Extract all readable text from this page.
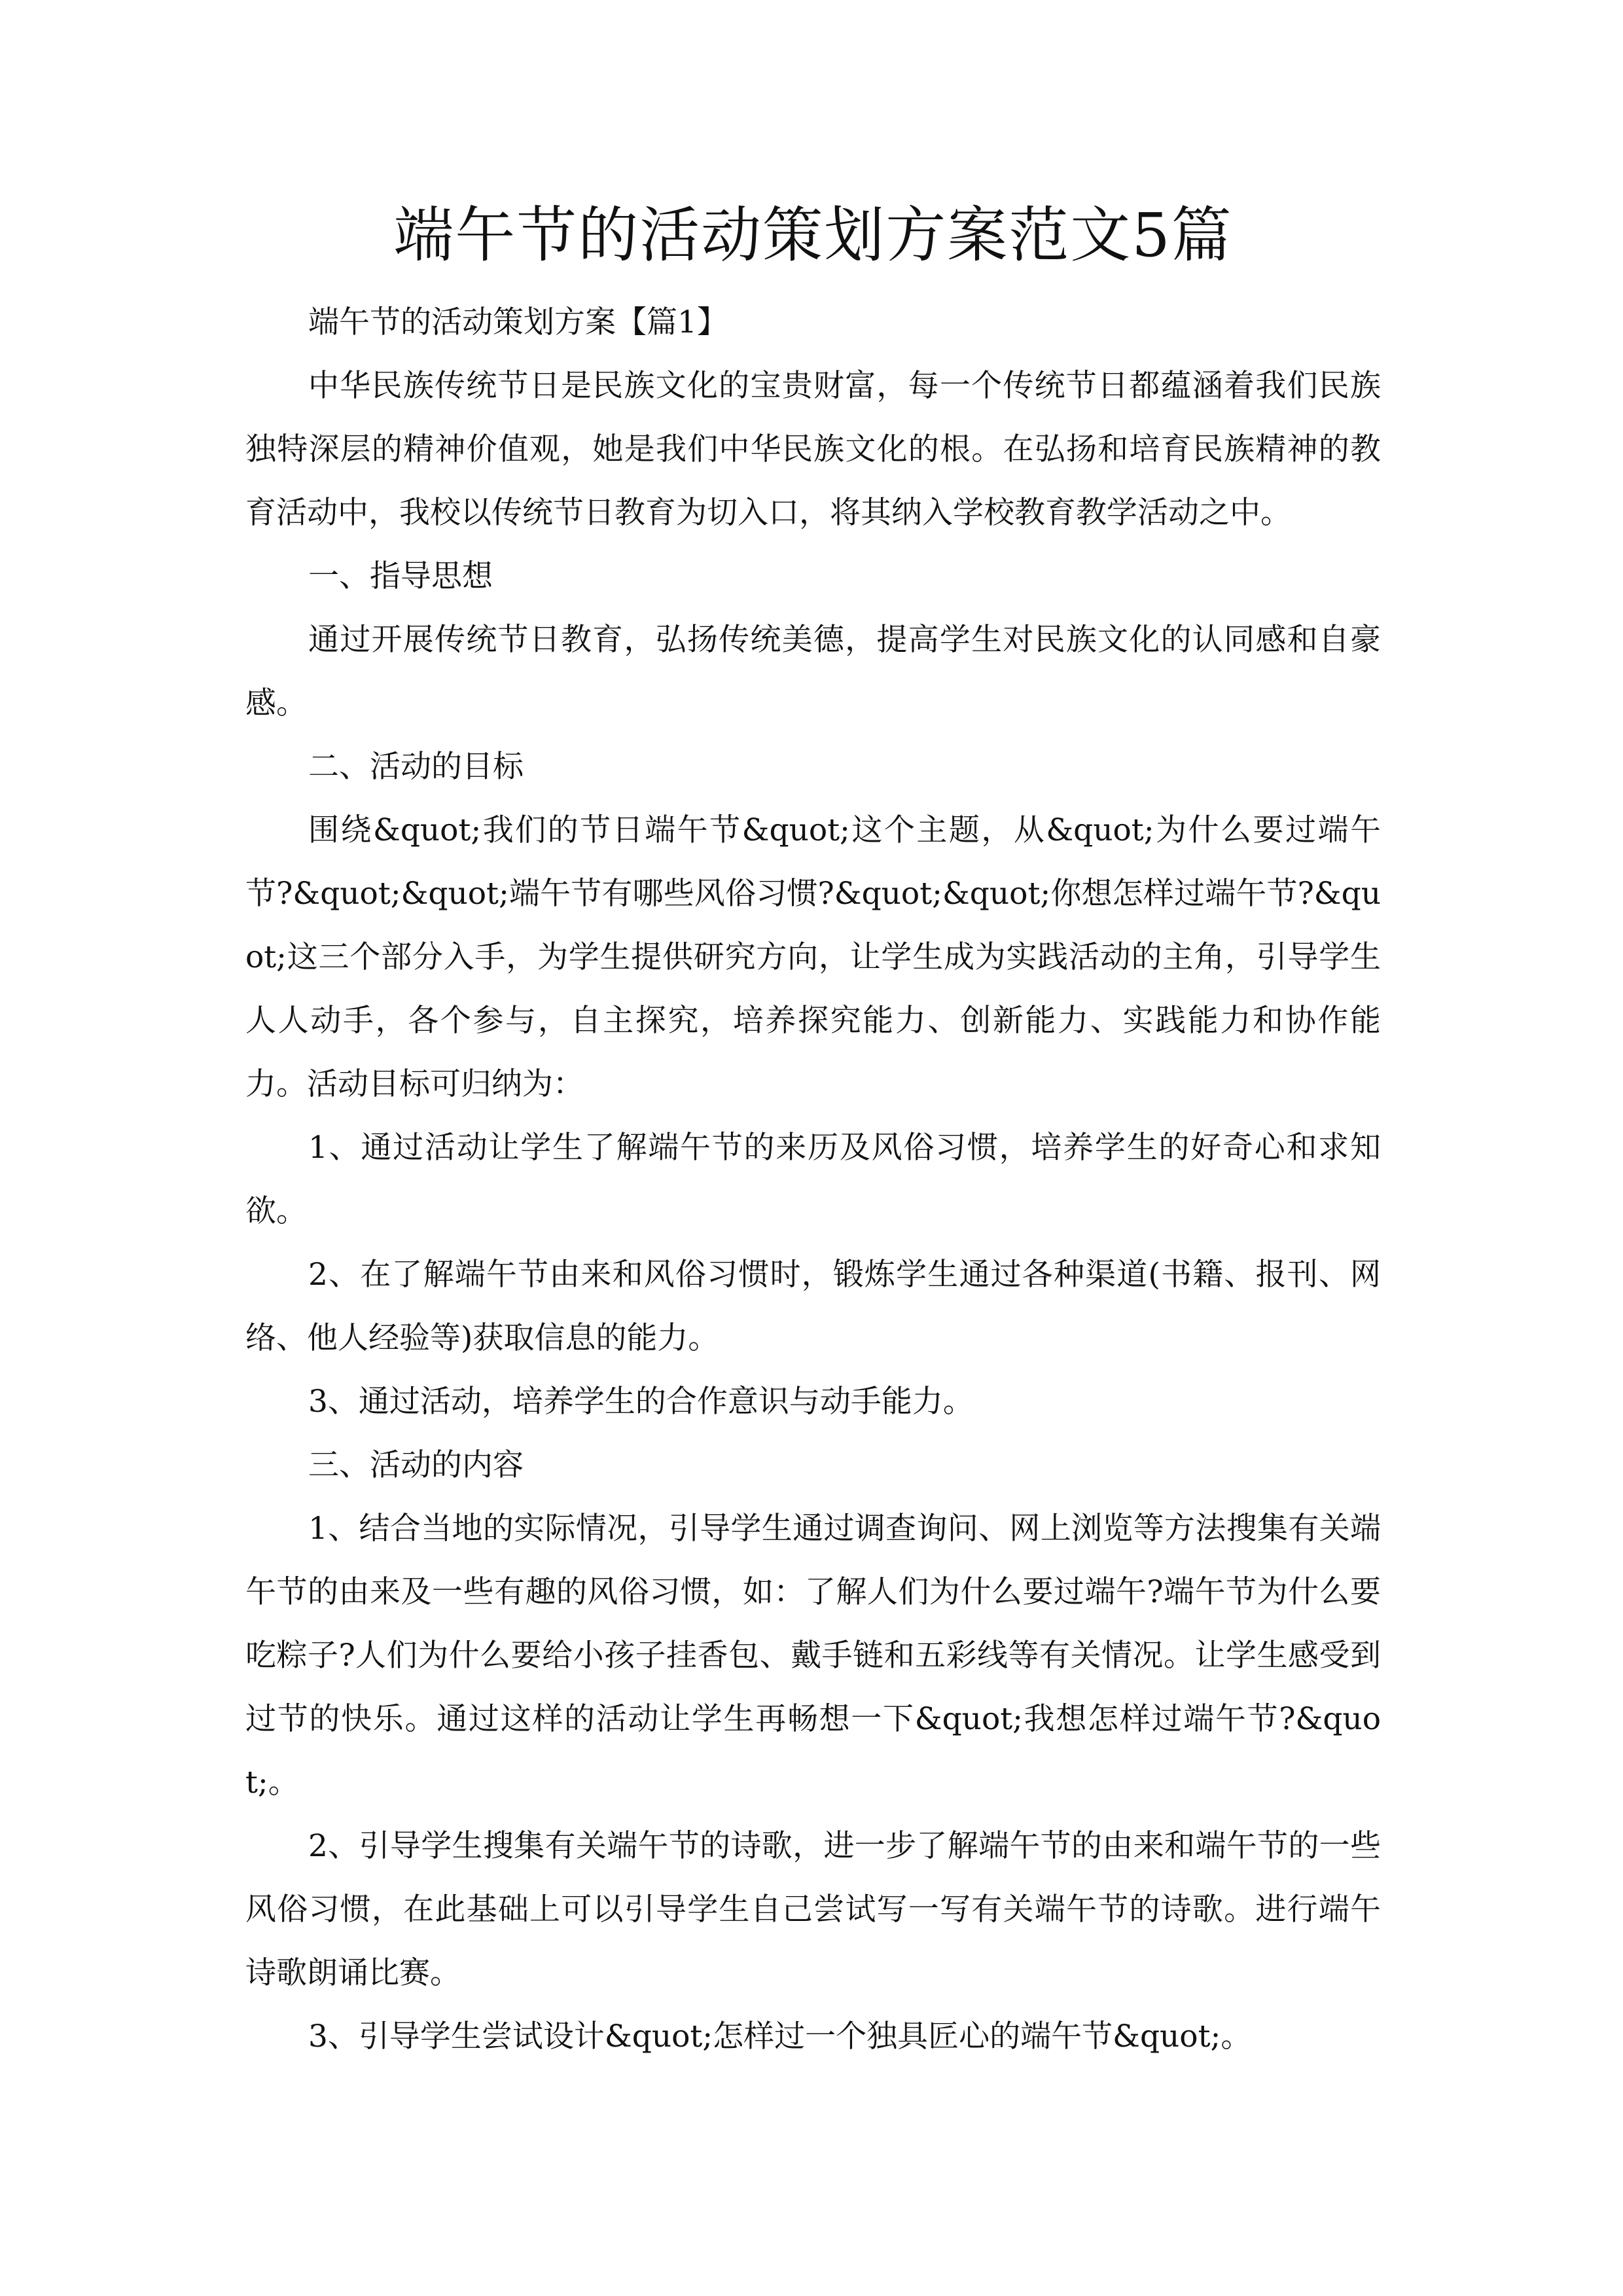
端午节的活动策划方案范文5篇

端午节的活动策划方案【篇1】

中华民族传统节日是民族文化的宝贵财富，每一个传统节日都蕴涵着我们民族独特深层的精神价值观，她是我们中华民族文化的根。在弘扬和培育民族精神的教育活动中，我校以传统节日教育为切入口，将其纳入学校教育教学活动之中。

一、指导思想

通过开展传统节日教育，弘扬传统美德，提高学生对民族文化的认同感和自豪感。

二、活动的目标

围绕&quot;我们的节日端午节&quot;这个主题，从&quot;为什么要过端午节?&quot;&quot;端午节有哪些风俗习惯?&quot;&quot;你想怎样过端午节?&quot;这三个部分入手，为学生提供研究方向，让学生成为实践活动的主角，引导学生人人动手，各个参与，自主探究，培养探究能力、创新能力、实践能力和协作能力。活动目标可归纳为：

1、通过活动让学生了解端午节的来历及风俗习惯，培养学生的好奇心和求知欲。

2、在了解端午节由来和风俗习惯时，锻炼学生通过各种渠道(书籍、报刊、网络、他人经验等)获取信息的能力。

3、通过活动，培养学生的合作意识与动手能力。

三、活动的内容

1、结合当地的实际情况，引导学生通过调查询问、网上浏览等方法搜集有关端午节的由来及一些有趣的风俗习惯，如：了解人们为什么要过端午?端午节为什么要吃粽子?人们为什么要给小孩子挂香包、戴手链和五彩线等有关情况。让学生感受到过节的快乐。通过这样的活动让学生再畅想一下&quot;我想怎样过端午节?&quot;。

2、引导学生搜集有关端午节的诗歌，进一步了解端午节的由来和端午节的一些风俗习惯，在此基础上可以引导学生自己尝试写一写有关端午节的诗歌。进行端午诗歌朗诵比赛。

3、引导学生尝试设计&quot;怎样过一个独具匠心的端午节&quot;。
